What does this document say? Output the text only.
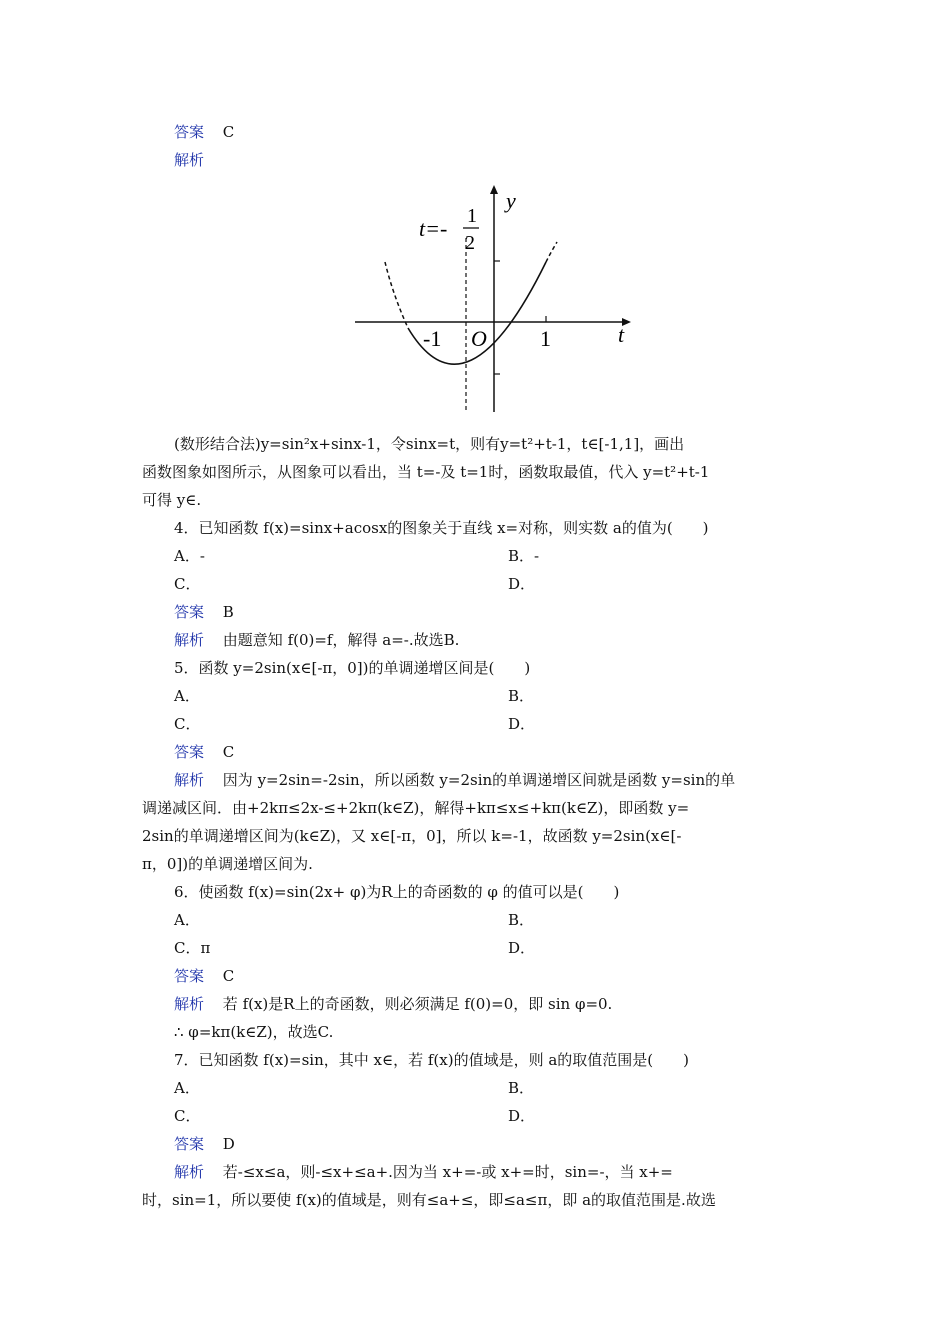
答案 C
解析
y
t
O
-1	1
t=- 1
2
(数形结合法)y=sin²x+sinx-1，令sinx=t，则有y=t²+t-1，t∈[-1,1]，画出
函数图象如图所示，从图象可以看出，当 t=-及 t=1时，函数取最值，代入 y=t²+t-1
可得 y∈.
4．已知函数 f(x)=sinx+acosx的图象关于直线 x=对称，则实数 a的值为(　　)
A．-	B．-
C．	D．
答案 B
解析 由题意知 f(0)=f，解得 a=-.故选B.
5．函数 y=2sin(x∈[-π，0])的单调递增区间是(　　)
A．	B．
C．	D．
答案 C
解析 因为 y=2sin=-2sin，所以函数 y=2sin的单调递增区间就是函数 y=sin的单
调递减区间．由+2kπ≤2x-≤+2kπ(k∈Z)，解得+kπ≤x≤+kπ(k∈Z)，即函数 y=
2sin的单调递增区间为(k∈Z)，又 x∈[-π，0]，所以 k=-1，故函数 y=2sin(x∈[-
π，0])的单调递增区间为.
6．使函数 f(x)=sin(2x+ φ)为R上的奇函数的 φ 的值可以是(　　)
A．	B．
C．π	D．
答案 C
解析 若 f(x)是R上的奇函数，则必须满足 f(0)=0，即 sin φ=0.
∴ φ=kπ(k∈Z)，故选C.
7．已知函数 f(x)=sin，其中 x∈，若 f(x)的值域是，则 a的取值范围是(　　)
A．	B．
C．	D．
答案 D
解析 若-≤x≤a，则-≤x+≤a+.因为当 x+=-或 x+=时，sin=-，当 x+=
时，sin=1，所以要使 f(x)的值域是，则有≤a+≤，即≤a≤π，即 a的取值范围是.故选
